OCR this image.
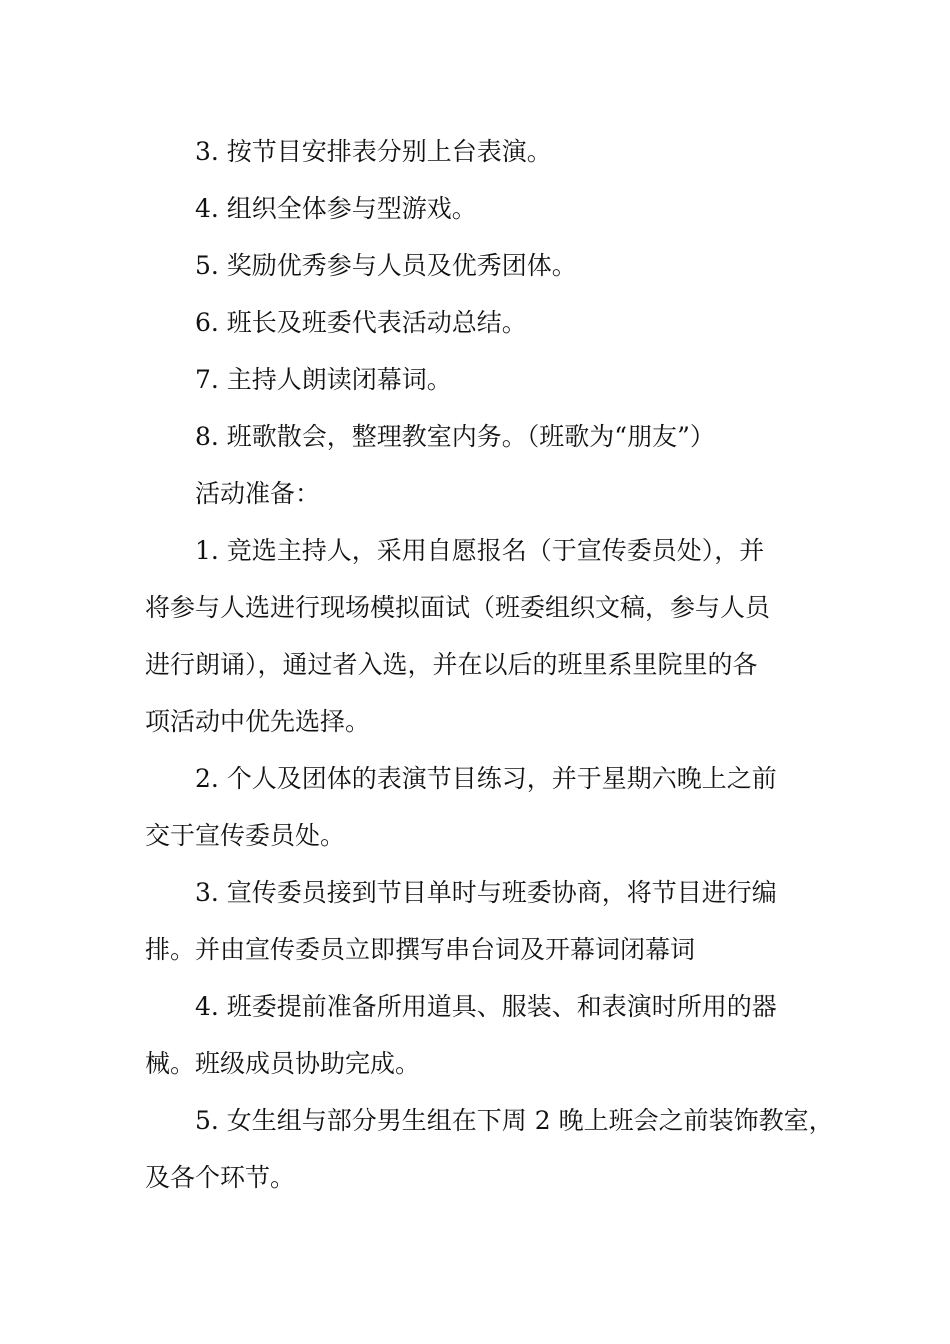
3. 按节目安排表分别上台表演。
4. 组织全体参与型游戏。
5. 奖励优秀参与人员及优秀团体。
6. 班长及班委代表活动总结。
7. 主持人朗读闭幕词。
8. 班歌散会，整理教室内务。（班歌为“朋友”）
活动准备：
1. 竞选主持人，采用自愿报名（于宣传委员处），并
将参与人选进行现场模拟面试（班委组织文稿，参与人员
进行朗诵），通过者入选，并在以后的班里系里院里的各
项活动中优先选择。
2. 个人及团体的表演节目练习，并于星期六晚上之前
交于宣传委员处。
3. 宣传委员接到节目单时与班委协商，将节目进行编
排。并由宣传委员立即撰写串台词及开幕词闭幕词
4. 班委提前准备所用道具、服装、和表演时所用的器
械。班级成员协助完成。
5. 女生组与部分男生组在下周 2 晚上班会之前装饰教室，
及各个环节。
